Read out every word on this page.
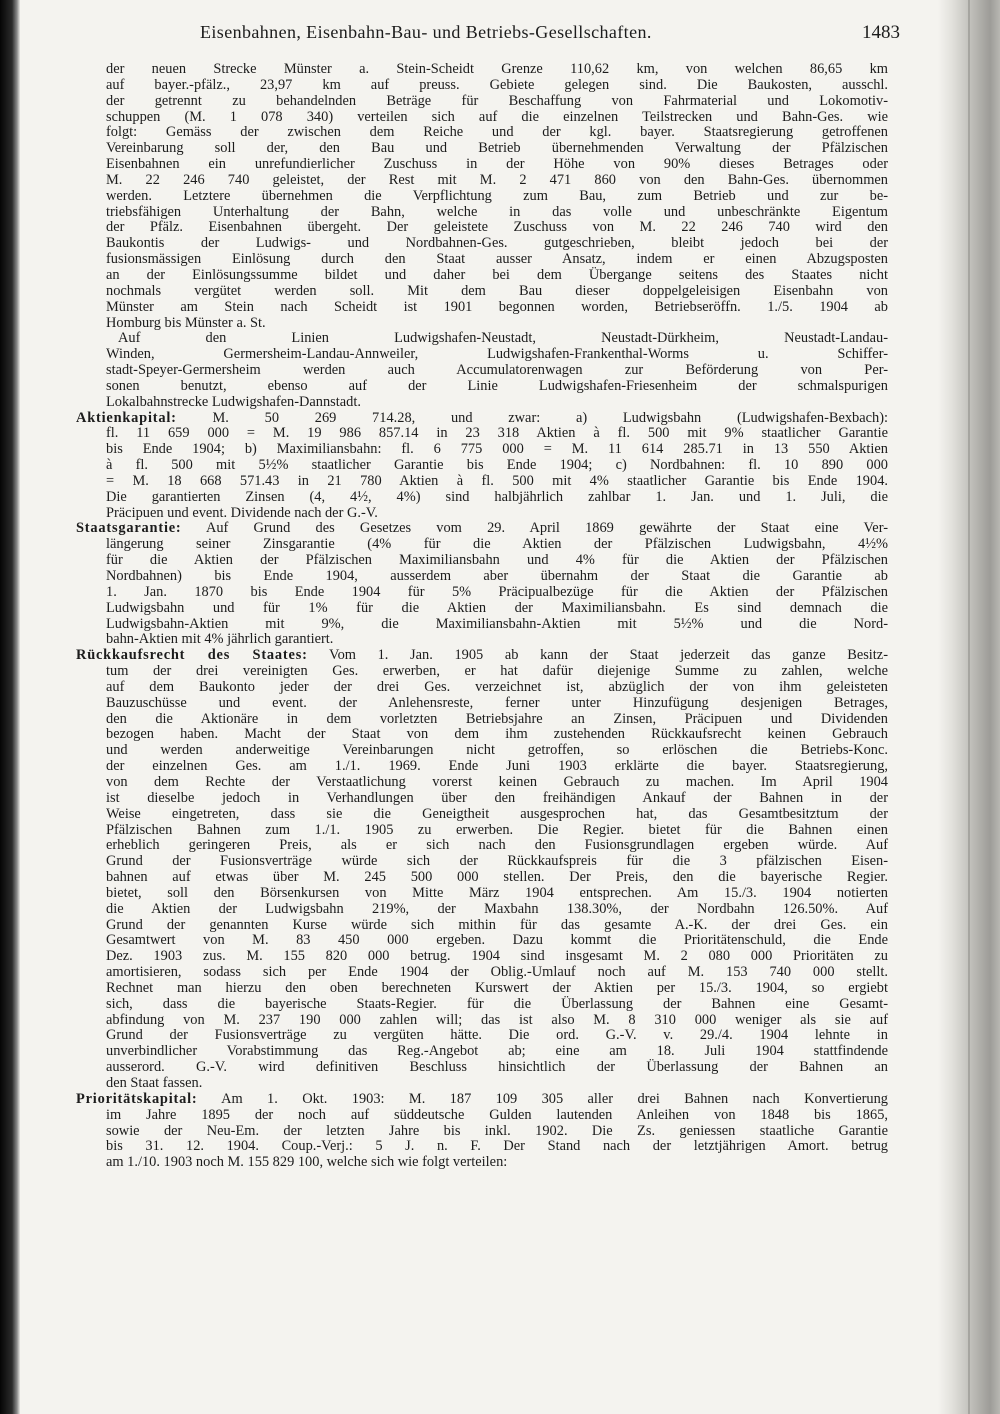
Eisenbahnen, Eisenbahn-Bau- und Betriebs-Gesellschaften.	1483
der neuen Strecke Münster a. Stein-Scheidt Grenze 110,62 km, von welchen 86,65 km
auf bayer.-pfälz., 23,97 km auf preuss. Gebiete gelegen sind. Die Baukosten, ausschl.
der getrennt zu behandelnden Beträge für Beschaffung von Fahrmaterial und Lokomotiv-
schuppen (M. 1 078 340) verteilen sich auf die einzelnen Teilstrecken und Bahn-Ges. wie
folgt: Gemäss der zwischen dem Reiche und der kgl. bayer. Staatsregierung getroffenen
Vereinbarung soll der, den Bau und Betrieb übernehmenden Verwaltung der Pfälzischen
Eisenbahnen ein unrefundierlicher Zuschuss in der Höhe von 90% dieses Betrages oder
M. 22 246 740 geleistet, der Rest mit M. 2 471 860 von den Bahn-Ges. übernommen
werden. Letztere übernehmen die Verpflichtung zum Bau, zum Betrieb und zur be-
triebsfähigen Unterhaltung der Bahn, welche in das volle und unbeschränkte Eigentum
der Pfälz. Eisenbahnen übergeht. Der geleistete Zuschuss von M. 22 246 740 wird den
Baukontis der Ludwigs- und Nordbahnen-Ges. gutgeschrieben, bleibt jedoch bei der
fusionsmässigen Einlösung durch den Staat ausser Ansatz, indem er einen Abzugsposten
an der Einlösungssumme bildet und daher bei dem Übergange seitens des Staates nicht
nochmals vergütet werden soll. Mit dem Bau dieser doppelgeleisigen Eisenbahn von
Münster am Stein nach Scheidt ist 1901 begonnen worden, Betriebseröffn. 1./5. 1904 ab
Homburg bis Münster a. St.
Auf den Linien Ludwigshafen-Neustadt, Neustadt-Dürkheim, Neustadt-Landau-
Winden, Germersheim-Landau-Annweiler, Ludwigshafen-Frankenthal-Worms u. Schiffer-
stadt-Speyer-Germersheim werden auch Accumulatorenwagen zur Beförderung von Per-
sonen benutzt, ebenso auf der Linie Ludwigshafen-Friesenheim der schmalspurigen
Lokalbahnstrecke Ludwigshafen-Dannstadt.
Aktienkapital: M. 50 269 714.28, und zwar: a) Ludwigsbahn (Ludwigshafen-Bexbach):
fl. 11 659 000 = M. 19 986 857.14 in 23 318 Aktien à fl. 500 mit 9% staatlicher Garantie
bis Ende 1904; b) Maximiliansbahn: fl. 6 775 000 = M. 11 614 285.71 in 13 550 Aktien
à fl. 500 mit 5½% staatlicher Garantie bis Ende 1904; c) Nordbahnen: fl. 10 890 000
= M. 18 668 571.43 in 21 780 Aktien à fl. 500 mit 4% staatlicher Garantie bis Ende 1904.
Die garantierten Zinsen (4, 4½, 4%) sind halbjährlich zahlbar 1. Jan. und 1. Juli, die
Präcipuen und event. Dividende nach der G.-V.
Staatsgarantie: Auf Grund des Gesetzes vom 29. April 1869 gewährte der Staat eine Ver-
längerung seiner Zinsgarantie (4% für die Aktien der Pfälzischen Ludwigsbahn, 4½%
für die Aktien der Pfälzischen Maximiliansbahn und 4% für die Aktien der Pfälzischen
Nordbahnen) bis Ende 1904, ausserdem aber übernahm der Staat die Garantie ab
1. Jan. 1870 bis Ende 1904 für 5% Präcipualbezüge für die Aktien der Pfälzischen
Ludwigsbahn und für 1% für die Aktien der Maximiliansbahn. Es sind demnach die
Ludwigsbahn-Aktien mit 9%, die Maximiliansbahn-Aktien mit 5½% und die Nord-
bahn-Aktien mit 4% jährlich garantiert.
Rückkaufsrecht des Staates: Vom 1. Jan. 1905 ab kann der Staat jederzeit das ganze Besitz-
tum der drei vereinigten Ges. erwerben, er hat dafür diejenige Summe zu zahlen, welche
auf dem Baukonto jeder der drei Ges. verzeichnet ist, abzüglich der von ihm geleisteten
Bauzuschüsse und event. der Anlehensreste, ferner unter Hinzufügung desjenigen Betrages,
den die Aktionäre in dem vorletzten Betriebsjahre an Zinsen, Präcipuen und Dividenden
bezogen haben. Macht der Staat von dem ihm zustehenden Rückkaufsrecht keinen Gebrauch
und werden anderweitige Vereinbarungen nicht getroffen, so erlöschen die Betriebs-Konc.
der einzelnen Ges. am 1./1. 1969. Ende Juni 1903 erklärte die bayer. Staatsregierung,
von dem Rechte der Verstaatlichung vorerst keinen Gebrauch zu machen. Im April 1904
ist dieselbe jedoch in Verhandlungen über den freihändigen Ankauf der Bahnen in der
Weise eingetreten, dass sie die Geneigtheit ausgesprochen hat, das Gesamtbesitztum der
Pfälzischen Bahnen zum 1./1. 1905 zu erwerben. Die Regier. bietet für die Bahnen einen
erheblich geringeren Preis, als er sich nach den Fusionsgrundlagen ergeben würde. Auf
Grund der Fusionsverträge würde sich der Rückkaufspreis für die 3 pfälzischen Eisen-
bahnen auf etwas über M. 245 500 000 stellen. Der Preis, den die bayerische Regier.
bietet, soll den Börsenkursen von Mitte März 1904 entsprechen. Am 15./3. 1904 notierten
die Aktien der Ludwigsbahn 219%, der Maxbahn 138.30%, der Nordbahn 126.50%. Auf
Grund der genannten Kurse würde sich mithin für das gesamte A.-K. der drei Ges. ein
Gesamtwert von M. 83 450 000 ergeben. Dazu kommt die Prioritätenschuld, die Ende
Dez. 1903 zus. M. 155 820 000 betrug. 1904 sind insgesamt M. 2 080 000 Prioritäten zu
amortisieren, sodass sich per Ende 1904 der Oblig.-Umlauf noch auf M. 153 740 000 stellt.
Rechnet man hierzu den oben berechneten Kurswert der Aktien per 15./3. 1904, so ergiebt
sich, dass die bayerische Staats-Regier. für die Überlassung der Bahnen eine Gesamt-
abfindung von M. 237 190 000 zahlen will; das ist also M. 8 310 000 weniger als sie auf
Grund der Fusionsverträge zu vergüten hätte. Die ord. G.-V. v. 29./4. 1904 lehnte in
unverbindlicher Vorabstimmung das Reg.-Angebot ab; eine am 18. Juli 1904 stattfindende
ausserord. G.-V. wird definitiven Beschluss hinsichtlich der Überlassung der Bahnen an
den Staat fassen.
Prioritätskapital: Am 1. Okt. 1903: M. 187 109 305 aller drei Bahnen nach Konvertierung
im Jahre 1895 der noch auf süddeutsche Gulden lautenden Anleihen von 1848 bis 1865,
sowie der Neu-Em. der letzten Jahre bis inkl. 1902. Die Zs. geniessen staatliche Garantie
bis 31. 12. 1904. Coup.-Verj.: 5 J. n. F. Der Stand nach der letztjährigen Amort. betrug
am 1./10. 1903 noch M. 155 829 100, welche sich wie folgt verteilen:
